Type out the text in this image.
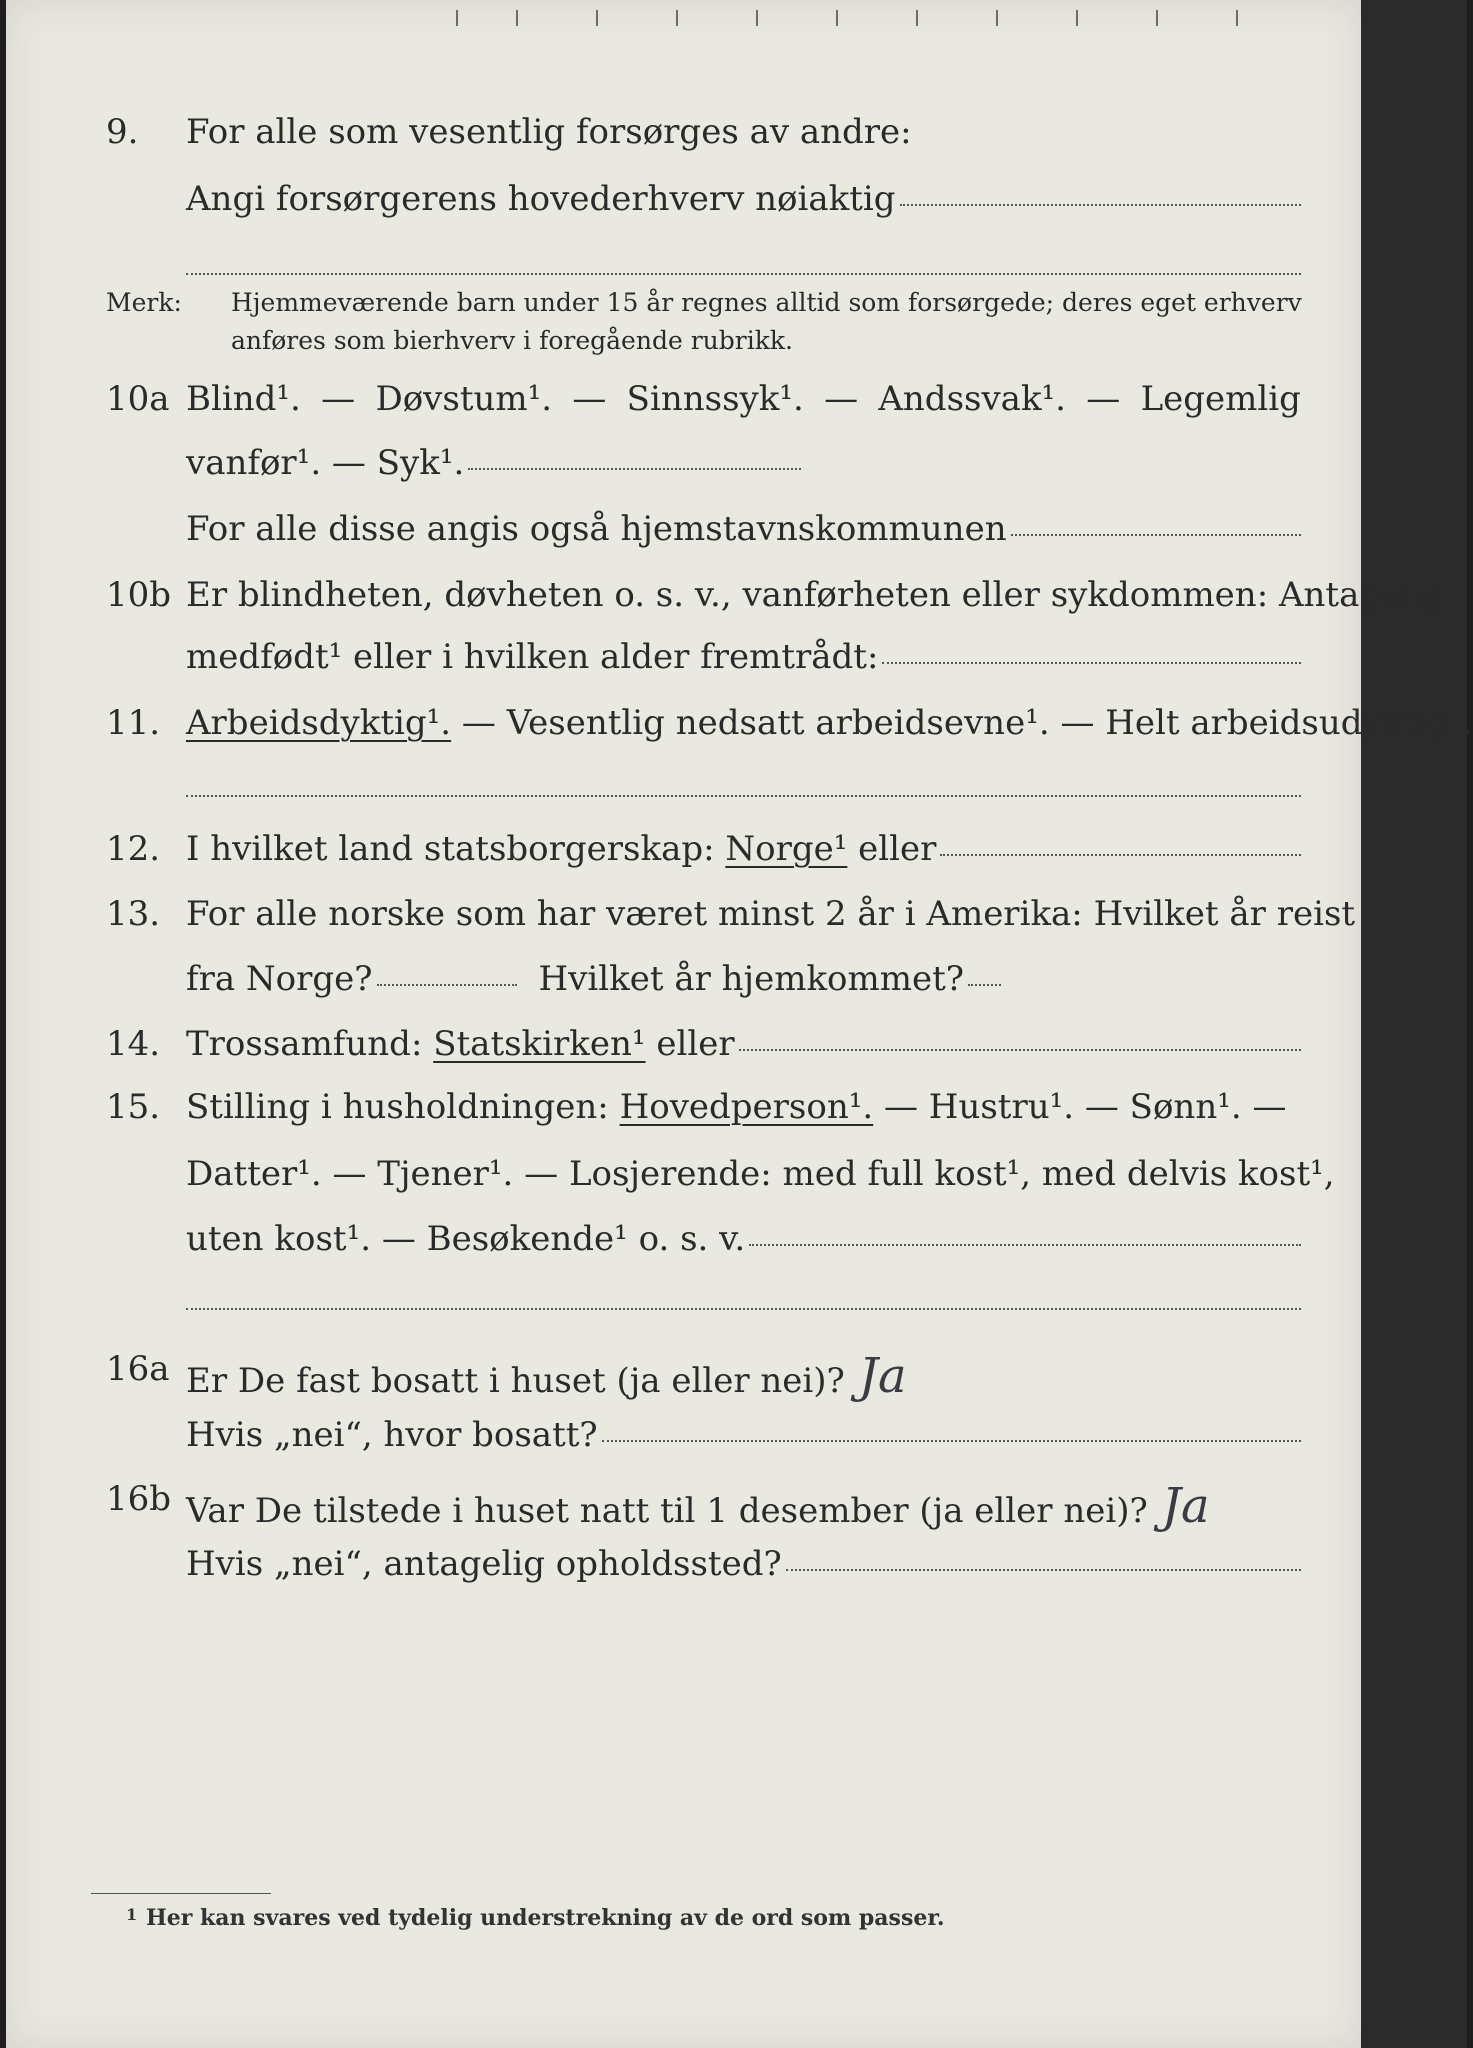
9.	For alle som vesentlig forsørges av andre:
Angi forsørgerens hovederhverv nøiaktig
Merk: Hjemmeværende barn under 15 år regnes alltid som forsørgede; deres eget erhverv
anføres som bierhverv i foregående rubrikk.
10a Blind¹. — Døvstum¹. — Sinnssyk¹. — Andssvak¹. — Legemlig
vanfør¹. — Syk¹.
For alle disse angis også hjemstavnskommunen
10b Er blindheten, døvheten o. s. v., vanførheten eller sykdommen: Antagelig
medfødt¹ eller i hvilken alder fremtrådt:
11. Arbeidsdyktig¹. — Vesentlig nedsatt arbeidsevne¹. — Helt arbeidsudyktig¹.
12. I hvilket land statsborgerskap: Norge¹ eller
13. For alle norske som har været minst 2 år i Amerika: Hvilket år reist
fra Norge?	Hvilket år hjemkommet?
14. Trossamfund: Statskirken¹ eller
15. Stilling i husholdningen: Hovedperson¹. — Hustru¹. — Sønn¹. —
Datter¹. — Tjener¹. — Losjerende: med full kost¹, med delvis kost¹,
uten kost¹. — Besøkende¹ o. s. v.
16a Er De fast bosatt i huset (ja eller nei)? Ja
Hvis „nei“, hvor bosatt?
16b Var De tilstede i huset natt til 1 desember (ja eller nei)? Ja
Hvis „nei“, antagelig opholdssted?
1 Her kan svares ved tydelig understrekning av de ord som passer.
